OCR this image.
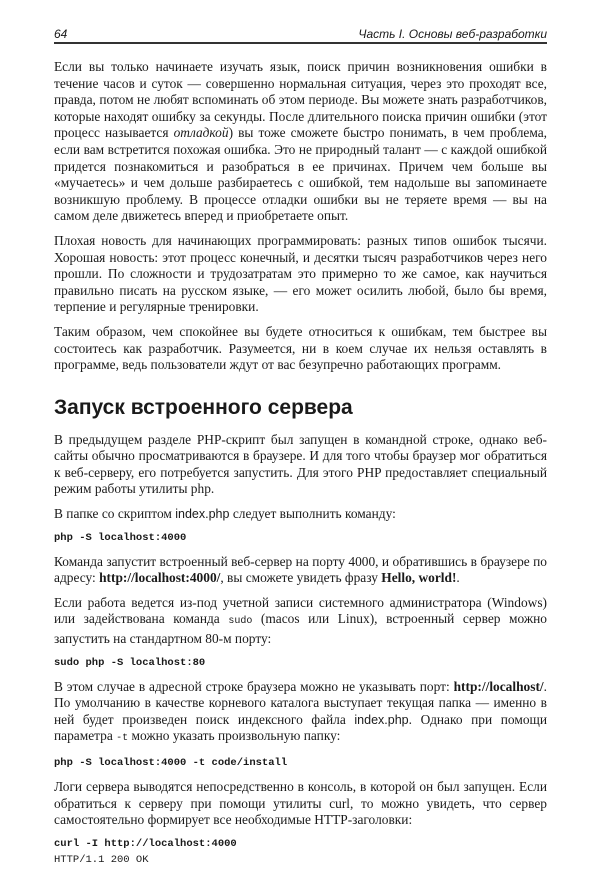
64	Часть I. Основы веб-разработки

Если вы только начинаете изучать язык, поиск причин возникновения ошибки в течение часов и суток — совершенно нормальная ситуация, через это проходят все, правда, потом не любят вспоминать об этом периоде. Вы можете знать разработчиков, которые находят ошибку за секунды. После длительного поиска причин ошибки (этот процесс называется отладкой) вы тоже сможете быстро понимать, в чем проблема, если вам встретится похожая ошибка. Это не природный талант — с каждой ошибкой придется познакомиться и разобраться в ее причинах. Причем чем больше вы «мучаетесь» и чем дольше разбираетесь с ошибкой, тем надольше вы запоминаете возникшую проблему. В процессе отладки ошибки вы не теряете время — вы на самом деле движетесь вперед и приобретаете опыт.

Плохая новость для начинающих программировать: разных типов ошибок тысячи. Хорошая новость: этот процесс конечный, и десятки тысяч разработчиков через него прошли. По сложности и трудозатратам это примерно то же самое, как научиться правильно писать на русском языке, — его может осилить любой, было бы время, терпение и регулярные тренировки.

Таким образом, чем спокойнее вы будете относиться к ошибкам, тем быстрее вы состоитесь как разработчик. Разумеется, ни в коем случае их нельзя оставлять в программе, ведь пользователи ждут от вас безупречно работающих программ.

Запуск встроенного сервера

В предыдущем разделе PHP-скрипт был запущен в командной строке, однако веб-сайты обычно просматриваются в браузере. И для того чтобы браузер мог обратиться к веб-серверу, его потребуется запустить. Для этого PHP предоставляет специальный режим работы утилиты php.

В папке со скриптом index.php следует выполнить команду:

php -S localhost:4000

Команда запустит встроенный веб-сервер на порту 4000, и обратившись в браузере по адресу: http://localhost:4000/, вы сможете увидеть фразу Hello, world!.

Если работа ведется из-под учетной записи системного администратора (Windows) или задействована команда sudo (macos или Linux), встроенный сервер можно запустить на стандартном 80-м порту:

sudo php -S localhost:80

В этом случае в адресной строке браузера можно не указывать порт: http://localhost/. По умолчанию в качестве корневого каталога выступает текущая папка — именно в ней будет произведен поиск индексного файла index.php. Однако при помощи параметра -t можно указать произвольную папку:

php -S localhost:4000 -t code/install

Логи сервера выводятся непосредственно в консоль, в которой он был запущен. Если обратиться к серверу при помощи утилиты curl, то можно увидеть, что сервер самостоятельно формирует все необходимые HTTP-заголовки:

curl -I http://localhost:4000
HTTP/1.1 200 OK
